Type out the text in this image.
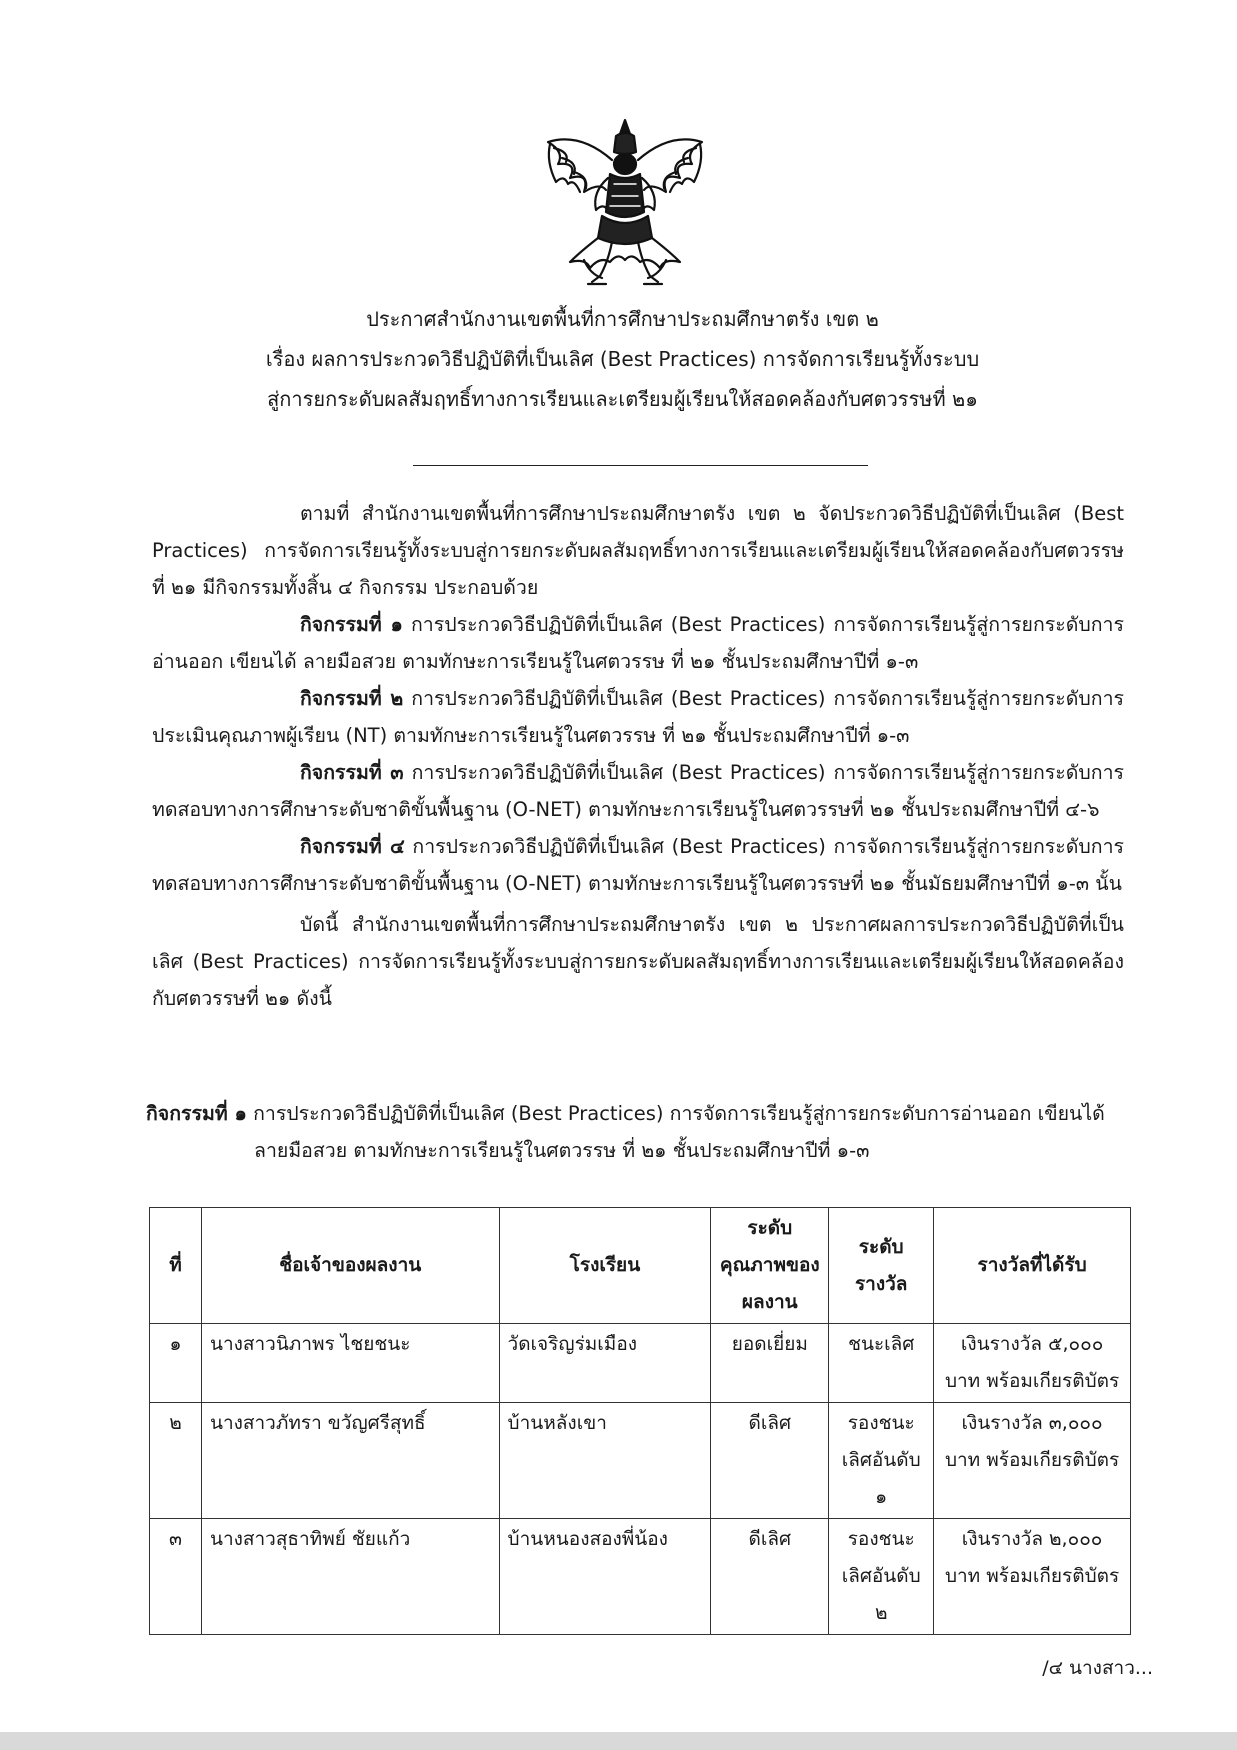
ประกาศสำนักงานเขตพื้นที่การศึกษาประถมศึกษาตรัง เขต ๒
เรื่อง ผลการประกวดวิธีปฏิบัติที่เป็นเลิศ (Best Practices) การจัดการเรียนรู้ทั้งระบบ
สู่การยกระดับผลสัมฤทธิ์ทางการเรียนและเตรียมผู้เรียนให้สอดคล้องกับศตวรรษที่ ๒๑
ตามที่ สำนักงานเขตพื้นที่การศึกษาประถมศึกษาตรัง เขต ๒ จัดประกวดวิธีปฏิบัติที่เป็นเลิศ (Best Practices) การจัดการเรียนรู้ทั้งระบบสู่การยกระดับผลสัมฤทธิ์ทางการเรียนและเตรียมผู้เรียนให้สอดคล้องกับศตวรรษที่ ๒๑ มีกิจกรรมทั้งสิ้น ๔ กิจกรรม ประกอบด้วย
กิจกรรมที่ ๑ การประกวดวิธีปฏิบัติที่เป็นเลิศ (Best Practices) การจัดการเรียนรู้สู่การยกระดับการอ่านออก เขียนได้ ลายมือสวย ตามทักษะการเรียนรู้ในศตวรรษ ที่ ๒๑ ชั้นประถมศึกษาปีที่ ๑-๓
กิจกรรมที่ ๒ การประกวดวิธีปฏิบัติที่เป็นเลิศ (Best Practices) การจัดการเรียนรู้สู่การยกระดับการประเมินคุณภาพผู้เรียน (NT) ตามทักษะการเรียนรู้ในศตวรรษ ที่ ๒๑ ชั้นประถมศึกษาปีที่ ๑-๓
กิจกรรมที่ ๓ การประกวดวิธีปฏิบัติที่เป็นเลิศ (Best Practices) การจัดการเรียนรู้สู่การยกระดับการทดสอบทางการศึกษาระดับชาติขั้นพื้นฐาน (O-NET) ตามทักษะการเรียนรู้ในศตวรรษที่ ๒๑ ชั้นประถมศึกษาปีที่ ๔-๖
กิจกรรมที่ ๔ การประกวดวิธีปฏิบัติที่เป็นเลิศ (Best Practices) การจัดการเรียนรู้สู่การยกระดับการทดสอบทางการศึกษาระดับชาติขั้นพื้นฐาน (O-NET) ตามทักษะการเรียนรู้ในศตวรรษที่ ๒๑ ชั้นมัธยมศึกษาปีที่ ๑-๓ นั้น
บัดนี้ สำนักงานเขตพื้นที่การศึกษาประถมศึกษาตรัง เขต ๒ ประกาศผลการประกวดวิธีปฏิบัติที่เป็นเลิศ (Best Practices) การจัดการเรียนรู้ทั้งระบบสู่การยกระดับผลสัมฤทธิ์ทางการเรียนและเตรียมผู้เรียนให้สอดคล้องกับศตวรรษที่ ๒๑ ดังนี้
กิจกรรมที่ ๑ การประกวดวิธีปฏิบัติที่เป็นเลิศ (Best Practices) การจัดการเรียนรู้สู่การยกระดับการอ่านออก เขียนได้
ลายมือสวย ตามทักษะการเรียนรู้ในศตวรรษ ที่ ๒๑ ชั้นประถมศึกษาปีที่ ๑-๓
ที่	ชื่อเจ้าของผลงาน	โรงเรียน	ระดับคุณภาพของผลงาน	ระดับรางวัล	รางวัลที่ได้รับ
๑	นางสาวนิภาพร ไชยชนะ	วัดเจริญร่มเมือง	ยอดเยี่ยม	ชนะเลิศ	เงินรางวัล ๕,๐๐๐ บาท พร้อมเกียรติบัตร
๒	นางสาวภัทรา ขวัญศรีสุทธิ์	บ้านหลังเขา	ดีเลิศ	รองชนะเลิศอันดับ ๑	เงินรางวัล ๓,๐๐๐ บาท พร้อมเกียรติบัตร
๓	นางสาวสุธาทิพย์ ชัยแก้ว	บ้านหนองสองพี่น้อง	ดีเลิศ	รองชนะเลิศอันดับ ๒	เงินรางวัล ๒,๐๐๐ บาท พร้อมเกียรติบัตร
/๔ นางสาว...
